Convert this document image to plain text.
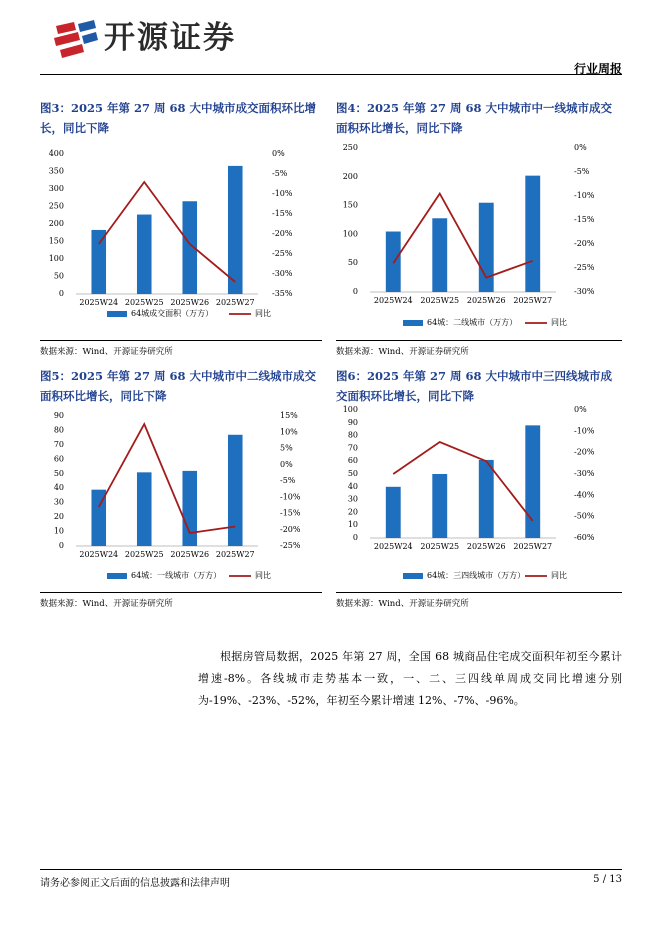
开源证券
行业周报
图3：2025 年第 27 周 68 大中城市成交面积环比增长，同比下降
图4：2025 年第 27 周 68 大中城市中一线城市成交面积环比增长，同比下降
图5：2025 年第 27 周 68 大中城市中二线城市成交面积环比增长，同比下降
图6：2025 年第 27 周 68 大中城市中三四线城市成交面积环比增长，同比下降
0
50
100
150
200
250
300
350
400	0%
-5%
-10%
-15%
-20%
-25%
-30%
-35%
2025W24 2025W25 2025W26 2025W27
64城成交面积（万方）	同比
0
50
100
150
200
250	0%
-5%
-10%
-15%
-20%
-25%
-30%
2025W24 2025W25 2025W26 2025W27
64城：二线城市（万方）	同比
0
10
20
30
40
50
60
70
80
90	15%
10%
5%
0%
-5%
-10%
-15%
-20%
-25%
2025W24 2025W25 2025W26 2025W27
64城：一线城市（万方）	同比
0
10
20
30
40
50
60
70
80
90
100	0%
-10%
-20%
-30%
-40%
-50%
-60%
2025W24 2025W25 2025W26 2025W27
64城：三四线城市（万方）	同比
数据来源：Wind、开源证券研究所	数据来源：Wind、开源证券研究所
数据来源：Wind、开源证券研究所	数据来源：Wind、开源证券研究所
根据房管局数据，2025 年第 27 周，全国 68 城商品住宅成交面积年初至今累计增速-8%。各线城市走势基本一致，一、二、三四线单周成交同比增速分别为-19%、-23%、-52%，年初至今累计增速 12%、-7%、-96%。
请务必参阅正文后面的信息披露和法律声明	5 / 13
